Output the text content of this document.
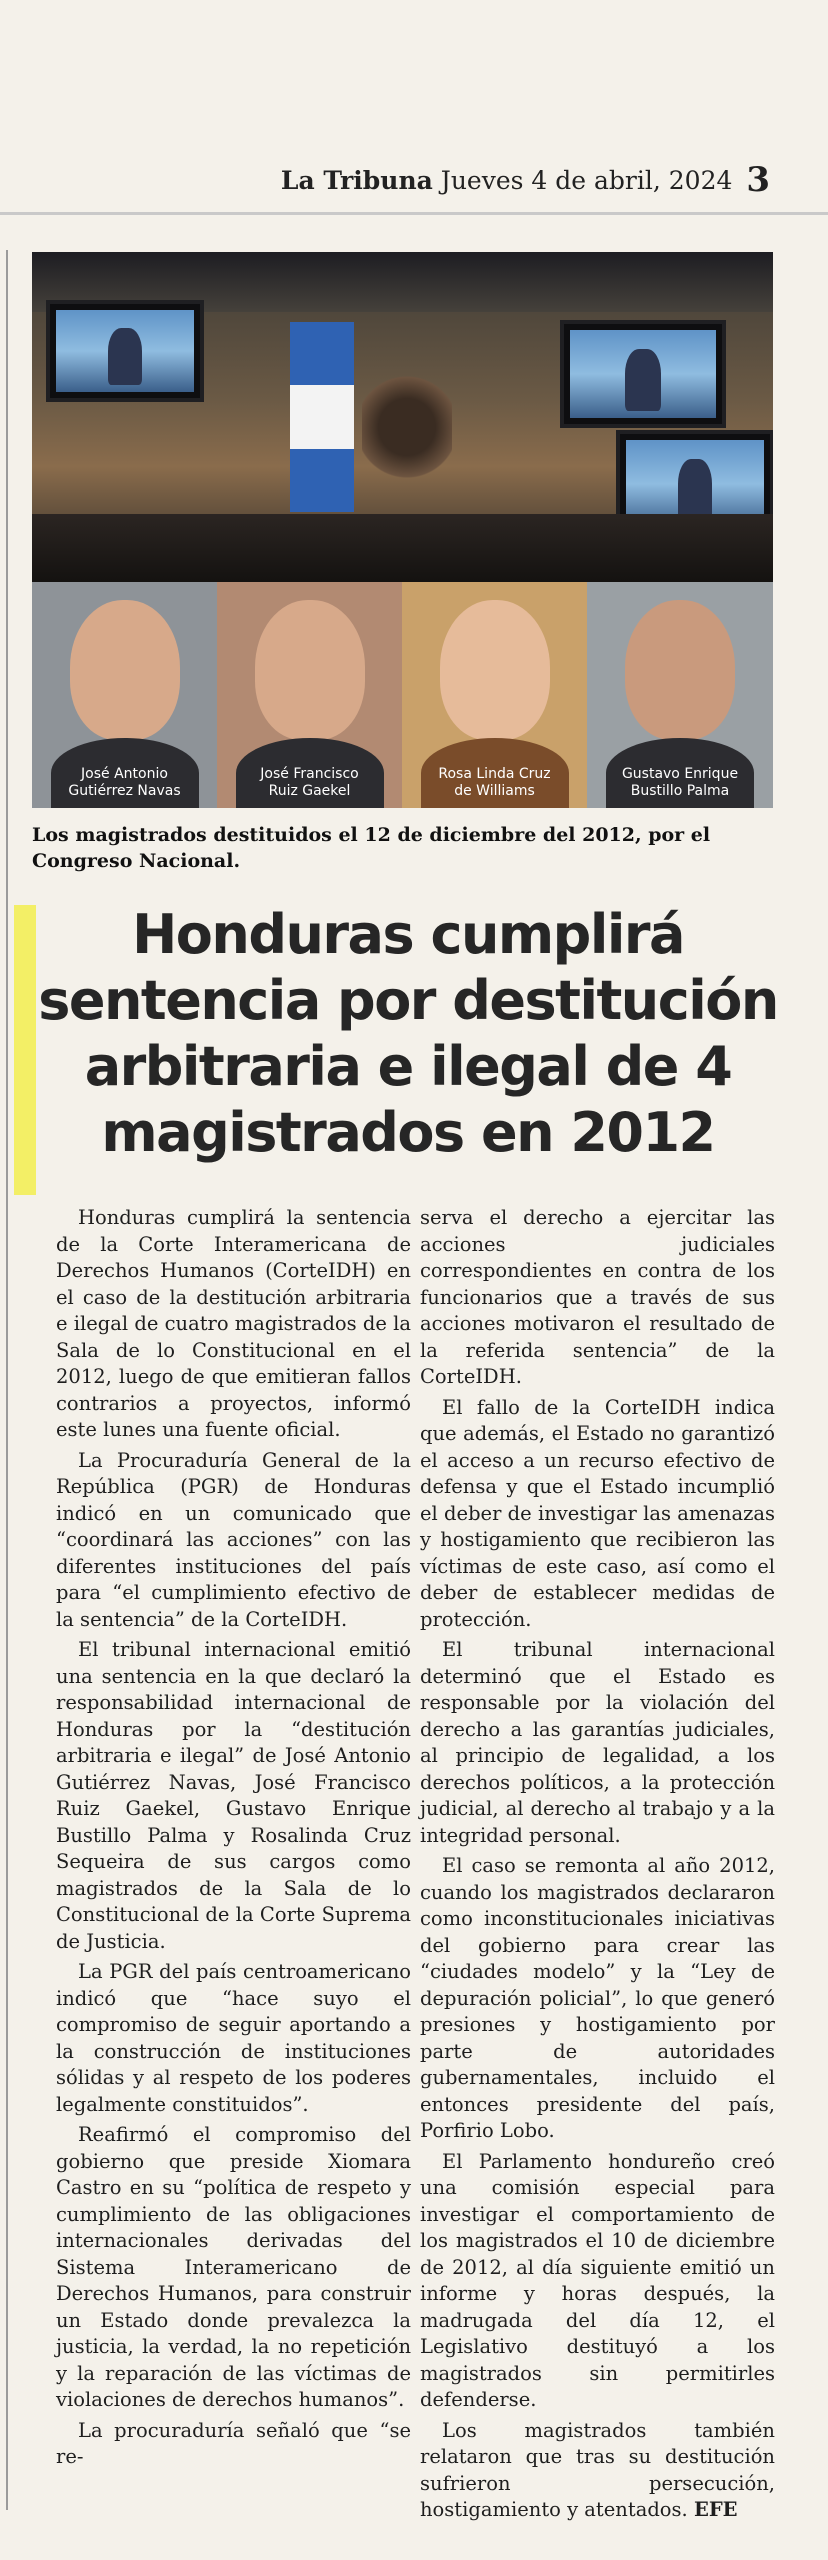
La Tribuna Jueves 4 de abril, 2024 3
José Antonio
Gutiérrez Navas
José Francisco
Ruiz Gaekel
Rosa Linda Cruz
de Williams
Gustavo Enrique
Bustillo Palma
Los magistrados destituidos el 12 de diciembre del 2012, por el Congreso Nacional.
Honduras cumplirá sentencia por destitución arbitraria e ilegal de 4 magistrados en 2012

Honduras cumplirá la sentencia de la Corte Interamericana de Derechos Humanos (CorteIDH) en el caso de la destitución arbitraria e ilegal de cuatro magistrados de la Sala de lo Constitucional en el 2012, luego de que emitieran fallos contrarios a proyectos, informó este lunes una fuente oficial.

La Procuraduría General de la República (PGR) de Honduras indicó en un comunicado que “coordinará las acciones” con las diferentes instituciones del país para “el cumplimiento efectivo de la sentencia” de la CorteIDH.

El tribunal internacional emitió una sentencia en la que declaró la responsabilidad internacional de Honduras por la “destitución arbitraria e ilegal” de José Antonio Gutiérrez Navas, José Francisco Ruiz Gaekel, Gustavo Enrique Bustillo Palma y Rosalinda Cruz Sequeira de sus cargos como magistrados de la Sala de lo Constitucional de la Corte Suprema de Justicia.

La PGR del país centroamericano indicó que “hace suyo el compromiso de seguir aportando a la construcción de instituciones sólidas y al respeto de los poderes legalmente constituidos”.

Reafirmó el compromiso del gobierno que preside Xiomara Castro en su “política de respeto y cumplimiento de las obligaciones internacionales derivadas del Sistema Interamericano de Derechos Humanos, para construir un Estado donde prevalezca la justicia, la verdad, la no repetición y la reparación de las víctimas de violaciones de derechos humanos”.

La procuraduría señaló que “se re-

serva el derecho a ejercitar las acciones judiciales correspondientes en contra de los funcionarios que a través de sus acciones motivaron el resultado de la referida sentencia” de la CorteIDH.

El fallo de la CorteIDH indica que además, el Estado no garantizó el acceso a un recurso efectivo de defensa y que el Estado incumplió el deber de investigar las amenazas y hostigamiento que recibieron las víctimas de este caso, así como el deber de establecer medidas de protección.

El tribunal internacional determinó que el Estado es responsable por la violación del derecho a las garantías judiciales, al principio de legalidad, a los derechos políticos, a la protección judicial, al derecho al trabajo y a la integridad personal.

El caso se remonta al año 2012, cuando los magistrados declararon como inconstitucionales iniciativas del gobierno para crear las “ciudades modelo” y la “Ley de depuración policial”, lo que generó presiones y hostigamiento por parte de autoridades gubernamentales, incluido el entonces presidente del país, Porfirio Lobo.

El Parlamento hondureño creó una comisión especial para investigar el comportamiento de los magistrados el 10 de diciembre de 2012, al día siguiente emitió un informe y horas después, la madrugada del día 12, el Legislativo destituyó a los magistrados sin permitirles defenderse.

Los magistrados también relataron que tras su destitución sufrieron persecución, hostigamiento y atentados. EFE
